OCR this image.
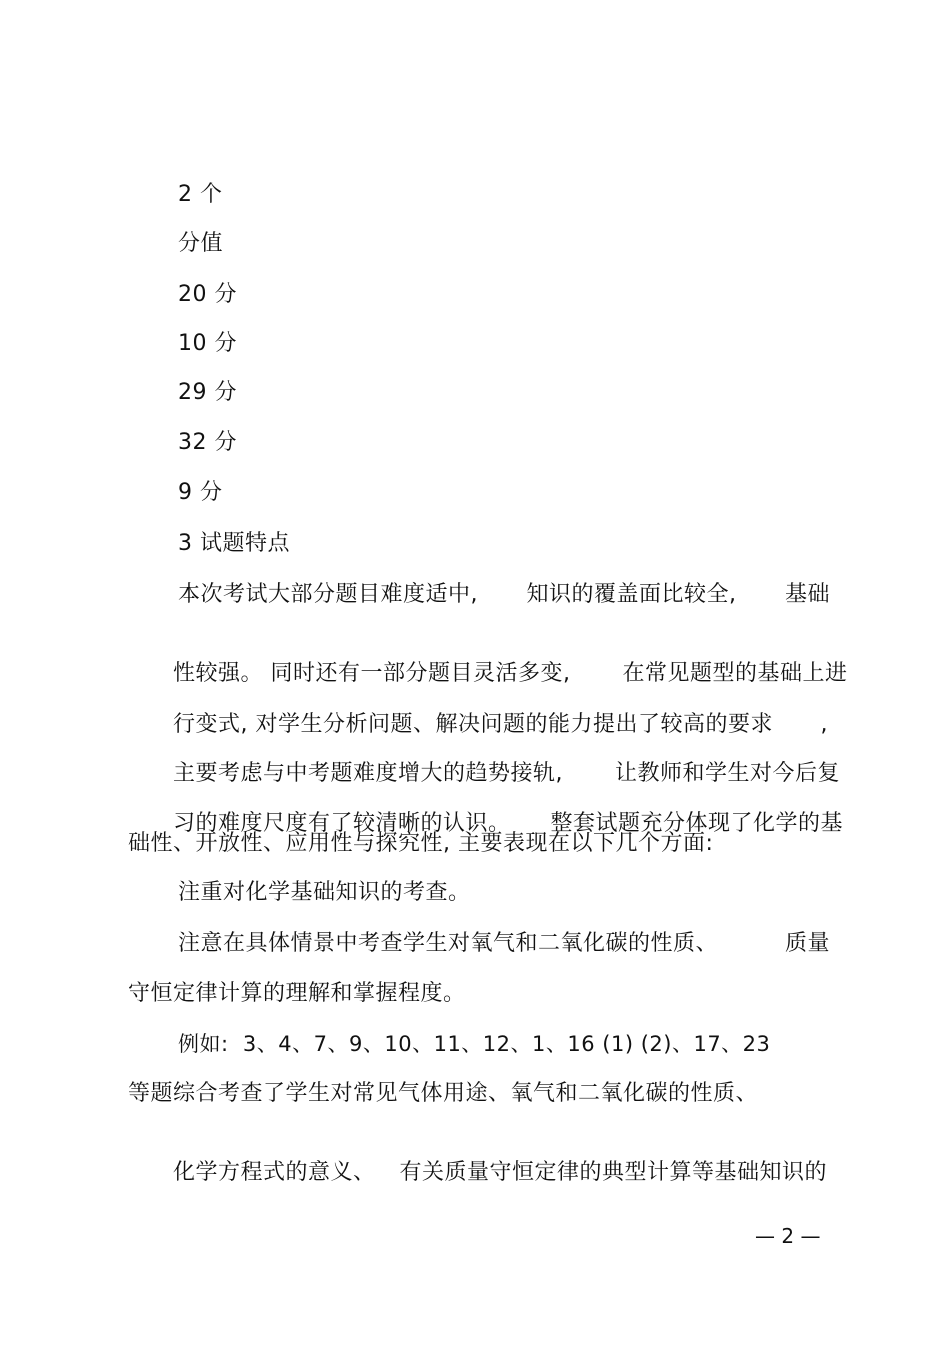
2 个
分值
20 分
10 分
29 分
32 分
9 分
3 试题特点
本次考试大部分题目难度适中, 知识的覆盖面比较全, 基础

性较强。 同时还有一部分题目灵活多变, 在常见题型的基础上进

行变式, 对学生分析问题、解决问题的能力提出了较高的要求 ,

主要考虑与中考题难度增大的趋势接轨, 让教师和学生对今后复

习的难度尺度有了较清晰的认识。 整套试题充分体现了化学的基

础性、开放性、应用性与探究性, 主要表现在以下几个方面:
注重对化学基础知识的考查。
注意在具体情景中考查学生对氧气和二氧化碳的性质、	质量
守恒定律计算的理解和掌握程度。
例如:  3、4、7、9、10、11、12、1、16 (1) (2)、17、23
等题综合考查了学生对常见气体用途、氧气和二氧化碳的性质、

化学方程式的意义、 有关质量守恒定律的典型计算等基础知识的

— 2 —
